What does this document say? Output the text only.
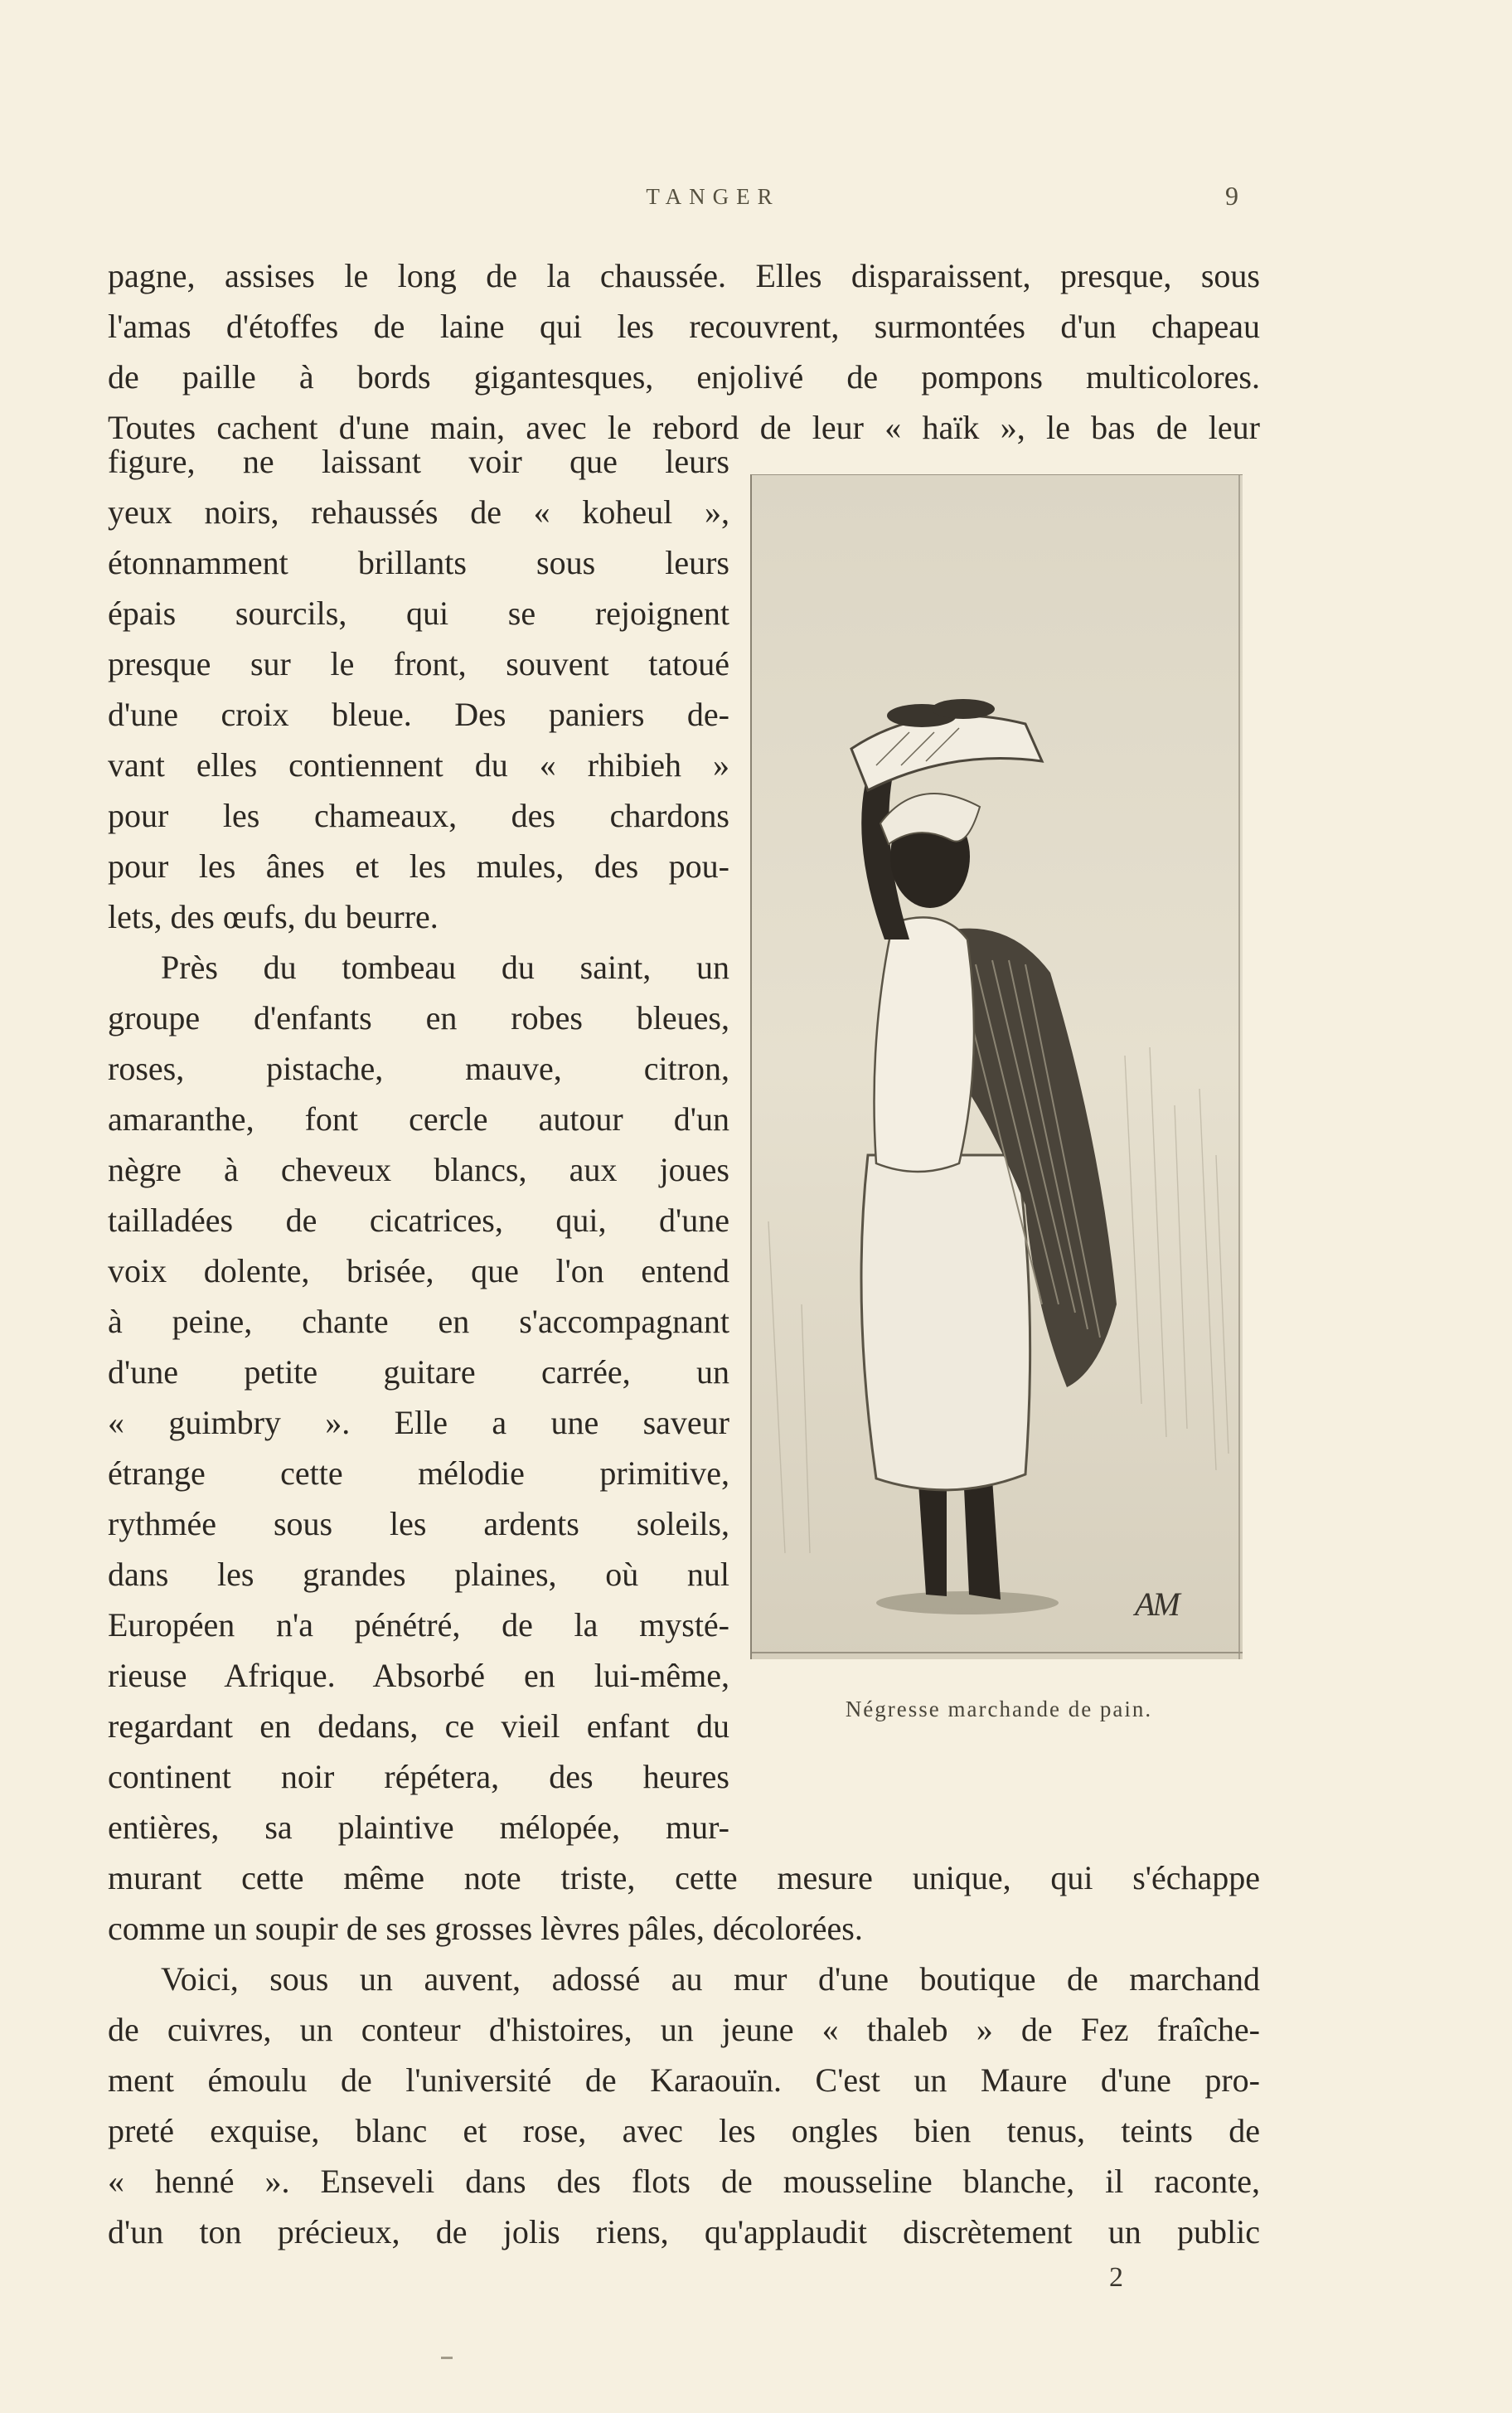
TANGER	9
pagne, assises le long de la chaussée. Elles disparaissent, presque, sous
l'amas d'étoffes de laine qui les recouvrent, surmontées d'un chapeau
de paille à bords gigantesques, enjolivé de pompons multicolores.
Toutes cachent d'une main, avec le rebord de leur « haïk », le bas de leur
figure, ne laissant voir que leurs
yeux noirs, rehaussés de « koheul »,
étonnamment brillants sous leurs
épais sourcils, qui se rejoignent
presque sur le front, souvent tatoué
d'une croix bleue. Des paniers de-
vant elles contiennent du « rhibieh »
pour les chameaux, des chardons
pour les ânes et les mules, des pou-
lets, des œufs, du beurre.
Près du tombeau du saint, un
groupe d'enfants en robes bleues,
roses, pistache, mauve, citron,
amaranthe, font cercle autour d'un
nègre à cheveux blancs, aux joues
tailladées de cicatrices, qui, d'une
voix dolente, brisée, que l'on entend
à peine, chante en s'accompagnant
d'une petite guitare carrée, un
« guimbry ». Elle a une saveur
étrange cette mélodie primitive,
rythmée sous les ardents soleils,
dans les grandes plaines, où nul
Européen n'a pénétré, de la mysté-
rieuse Afrique. Absorbé en lui-même,
regardant en dedans, ce vieil enfant du
continent noir répétera, des heures
entières, sa plaintive mélopée, mur-
murant cette même note triste, cette mesure unique, qui s'échappe
comme un soupir de ses grosses lèvres pâles, décolorées.
Voici, sous un auvent, adossé au mur d'une boutique de marchand
de cuivres, un conteur d'histoires, un jeune « thaleb » de Fez fraîche-
ment émoulu de l'université de Karaouïn. C'est un Maure d'une pro-
preté exquise, blanc et rose, avec les ongles bien tenus, teints de
« henné ». Enseveli dans des flots de mousseline blanche, il raconte,
d'un ton précieux, de jolis riens, qu'applaudit discrètement un public
AM
Négresse marchande de pain.
2
